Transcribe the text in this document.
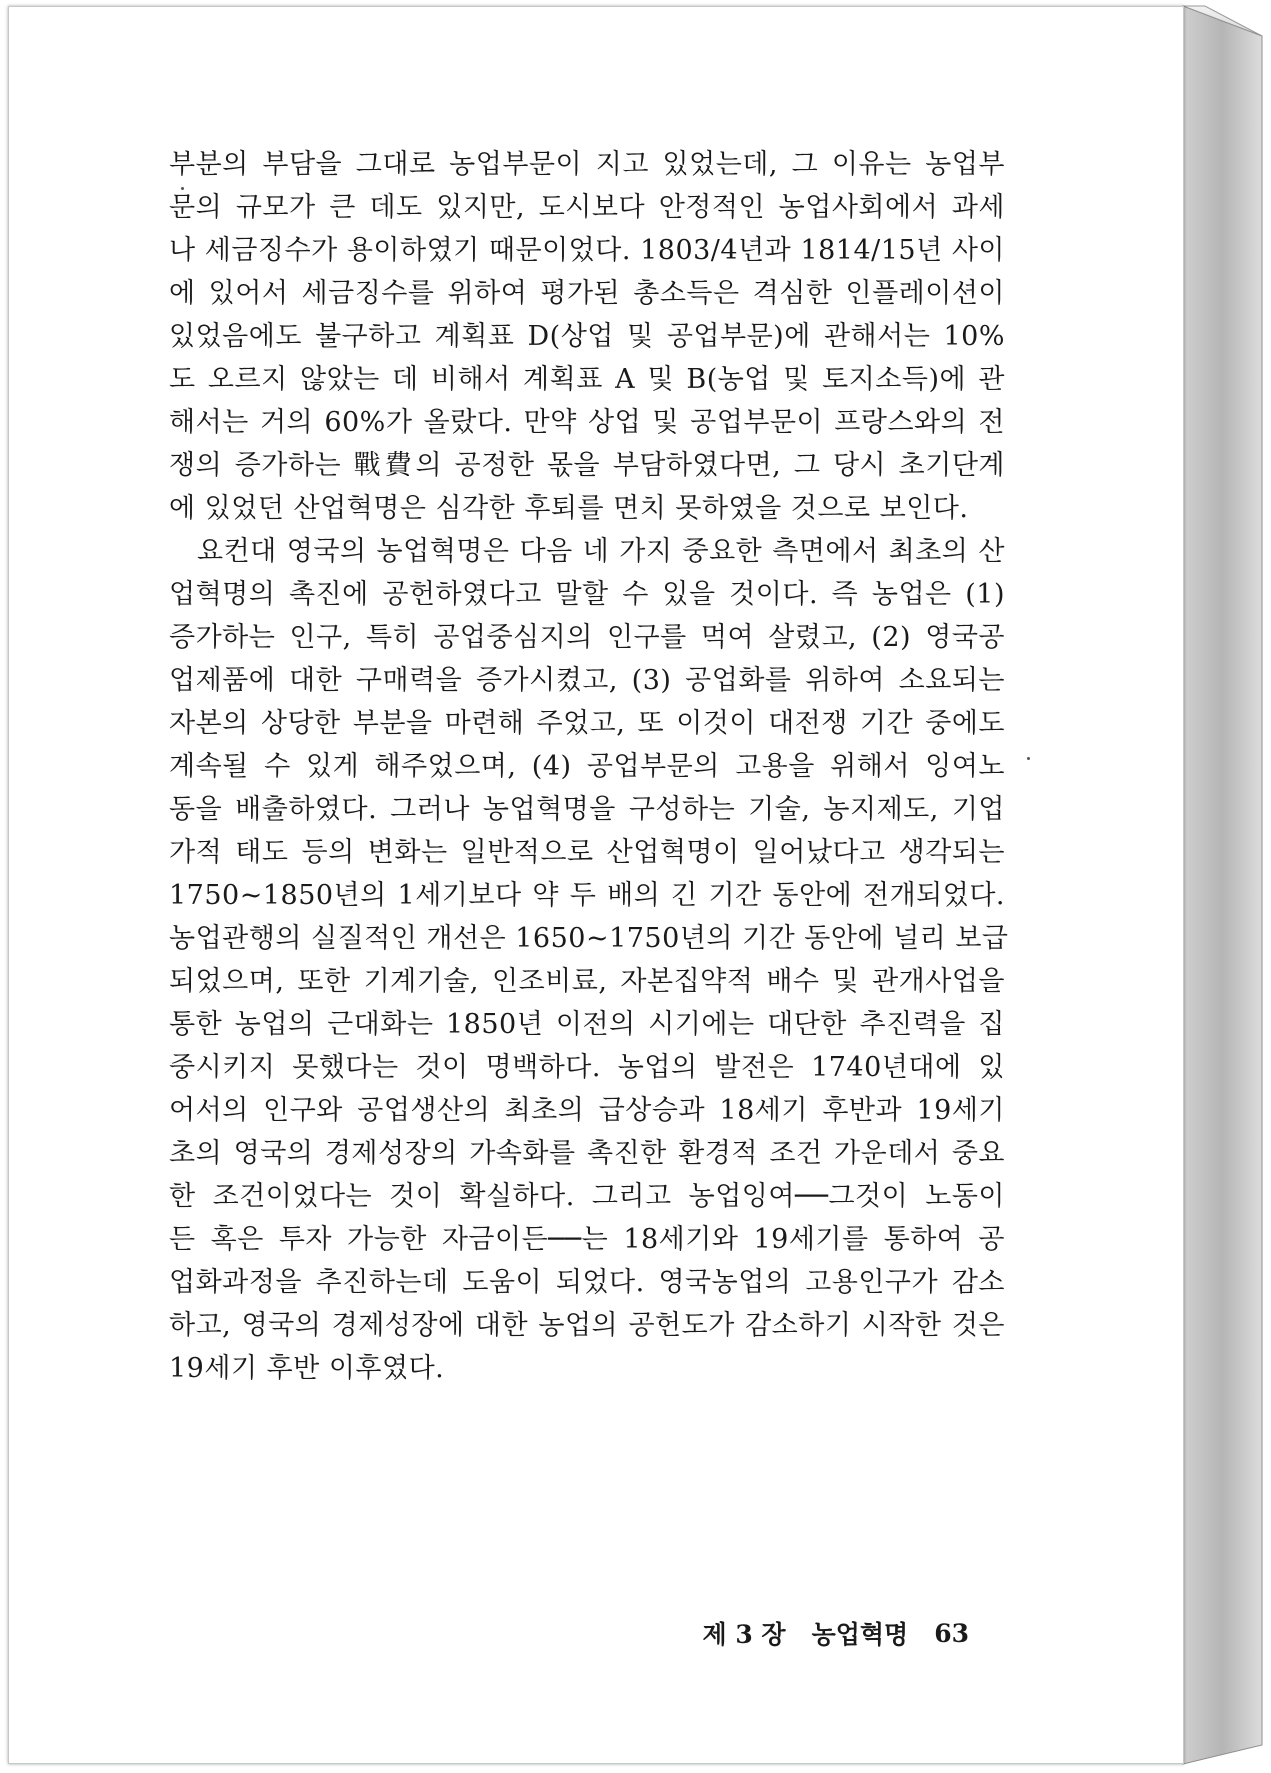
부분의 부담을 그대로 농업부문이 지고 있었는데, 그 이유는 농업부
문의 규모가 큰 데도 있지만, 도시보다 안정적인 농업사회에서 과세
나 세금징수가 용이하였기 때문이었다. 1803/4년과 1814/15년 사이
에 있어서 세금징수를 위하여 평가된 총소득은 격심한 인플레이션이
있었음에도 불구하고 계획표 D(상업 및 공업부문)에 관해서는 10%
도 오르지 않았는 데 비해서 계획표 A 및 B(농업 및 토지소득)에 관
해서는 거의 60%가 올랐다. 만약 상업 및 공업부문이 프랑스와의 전
쟁의 증가하는 戰費의 공정한 몫을 부담하였다면, 그 당시 초기단계
에 있었던 산업혁명은 심각한 후퇴를 면치 못하였을 것으로 보인다.
요컨대 영국의 농업혁명은 다음 네 가지 중요한 측면에서 최초의 산
업혁명의 촉진에 공헌하였다고 말할 수 있을 것이다. 즉 농업은 (1)
증가하는 인구, 특히 공업중심지의 인구를 먹여 살렸고, (2) 영국공
업제품에 대한 구매력을 증가시켰고, (3) 공업화를 위하여 소요되는
자본의 상당한 부분을 마련해 주었고, 또 이것이 대전쟁 기간 중에도
계속될 수 있게 해주었으며, (4) 공업부문의 고용을 위해서 잉여노
동을 배출하였다. 그러나 농업혁명을 구성하는 기술, 농지제도, 기업
가적 태도 등의 변화는 일반적으로 산업혁명이 일어났다고 생각되는
1750~1850년의 1세기보다 약 두 배의 긴 기간 동안에 전개되었다.
농업관행의 실질적인 개선은 1650~1750년의 기간 동안에 널리 보급
되었으며, 또한 기계기술, 인조비료, 자본집약적 배수 및 관개사업을
통한 농업의 근대화는 1850년 이전의 시기에는 대단한 추진력을 집
중시키지 못했다는 것이 명백하다. 농업의 발전은 1740년대에 있
어서의 인구와 공업생산의 최초의 급상승과 18세기 후반과 19세기
초의 영국의 경제성장의 가속화를 촉진한 환경적 조건 가운데서 중요
한 조건이었다는 것이 확실하다. 그리고 농업잉여──그것이 노동이
든 혹은 투자 가능한 자금이든──는 18세기와 19세기를 통하여 공
업화과정을 추진하는데 도움이 되었다. 영국농업의 고용인구가 감소
하고, 영국의 경제성장에 대한 농업의 공헌도가 감소하기 시작한 것은
19세기 후반 이후였다.
제 3 장 농업혁명 63
